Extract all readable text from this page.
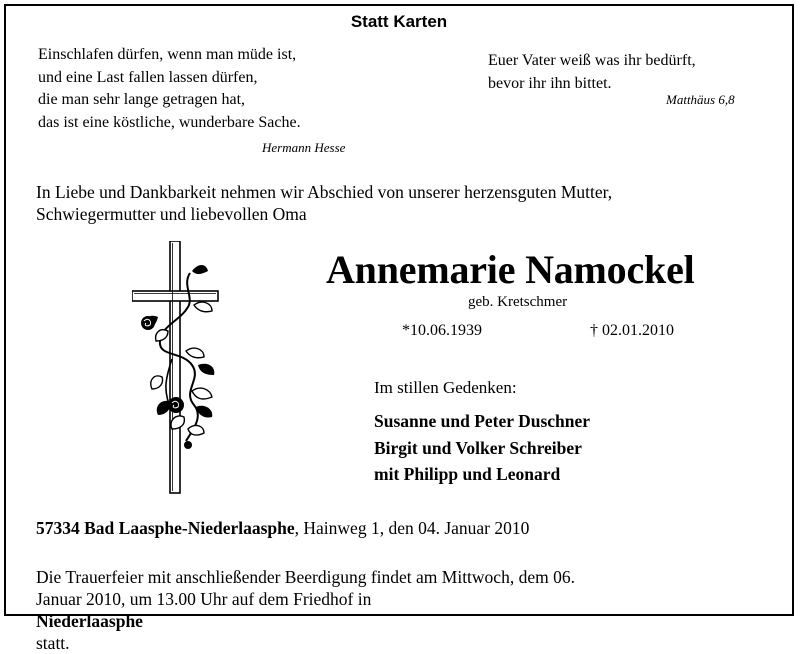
Statt Karten
Einschlafen dürfen, wenn man müde ist,
und eine Last fallen lassen dürfen,
die man sehr lange getragen hat,
das ist eine köstliche, wunderbare Sache.
Hermann Hesse
Euer Vater weiß was ihr bedürft,
bevor ihr ihn bittet.
Matthäus 6,8
In Liebe und Dankbarkeit nehmen wir Abschied von unserer herzensguten Mutter,
Schwiegermutter und liebevollen Oma
Annemarie Namockel
geb. Kretschmer
*10.06.1939	† 02.01.2010
Im stillen Gedenken:
Susanne und Peter Duschner
Birgit und Volker Schreiber
mit Philipp und Leonard
57334 Bad Laasphe-Niederlaasphe, Hainweg 1, den 04. Januar 2010
Die Trauerfeier mit anschließender Beerdigung findet am Mittwoch, dem 06.
Januar 2010, um 13.00 Uhr auf dem Friedhof in
Niederlaasphe
statt.
